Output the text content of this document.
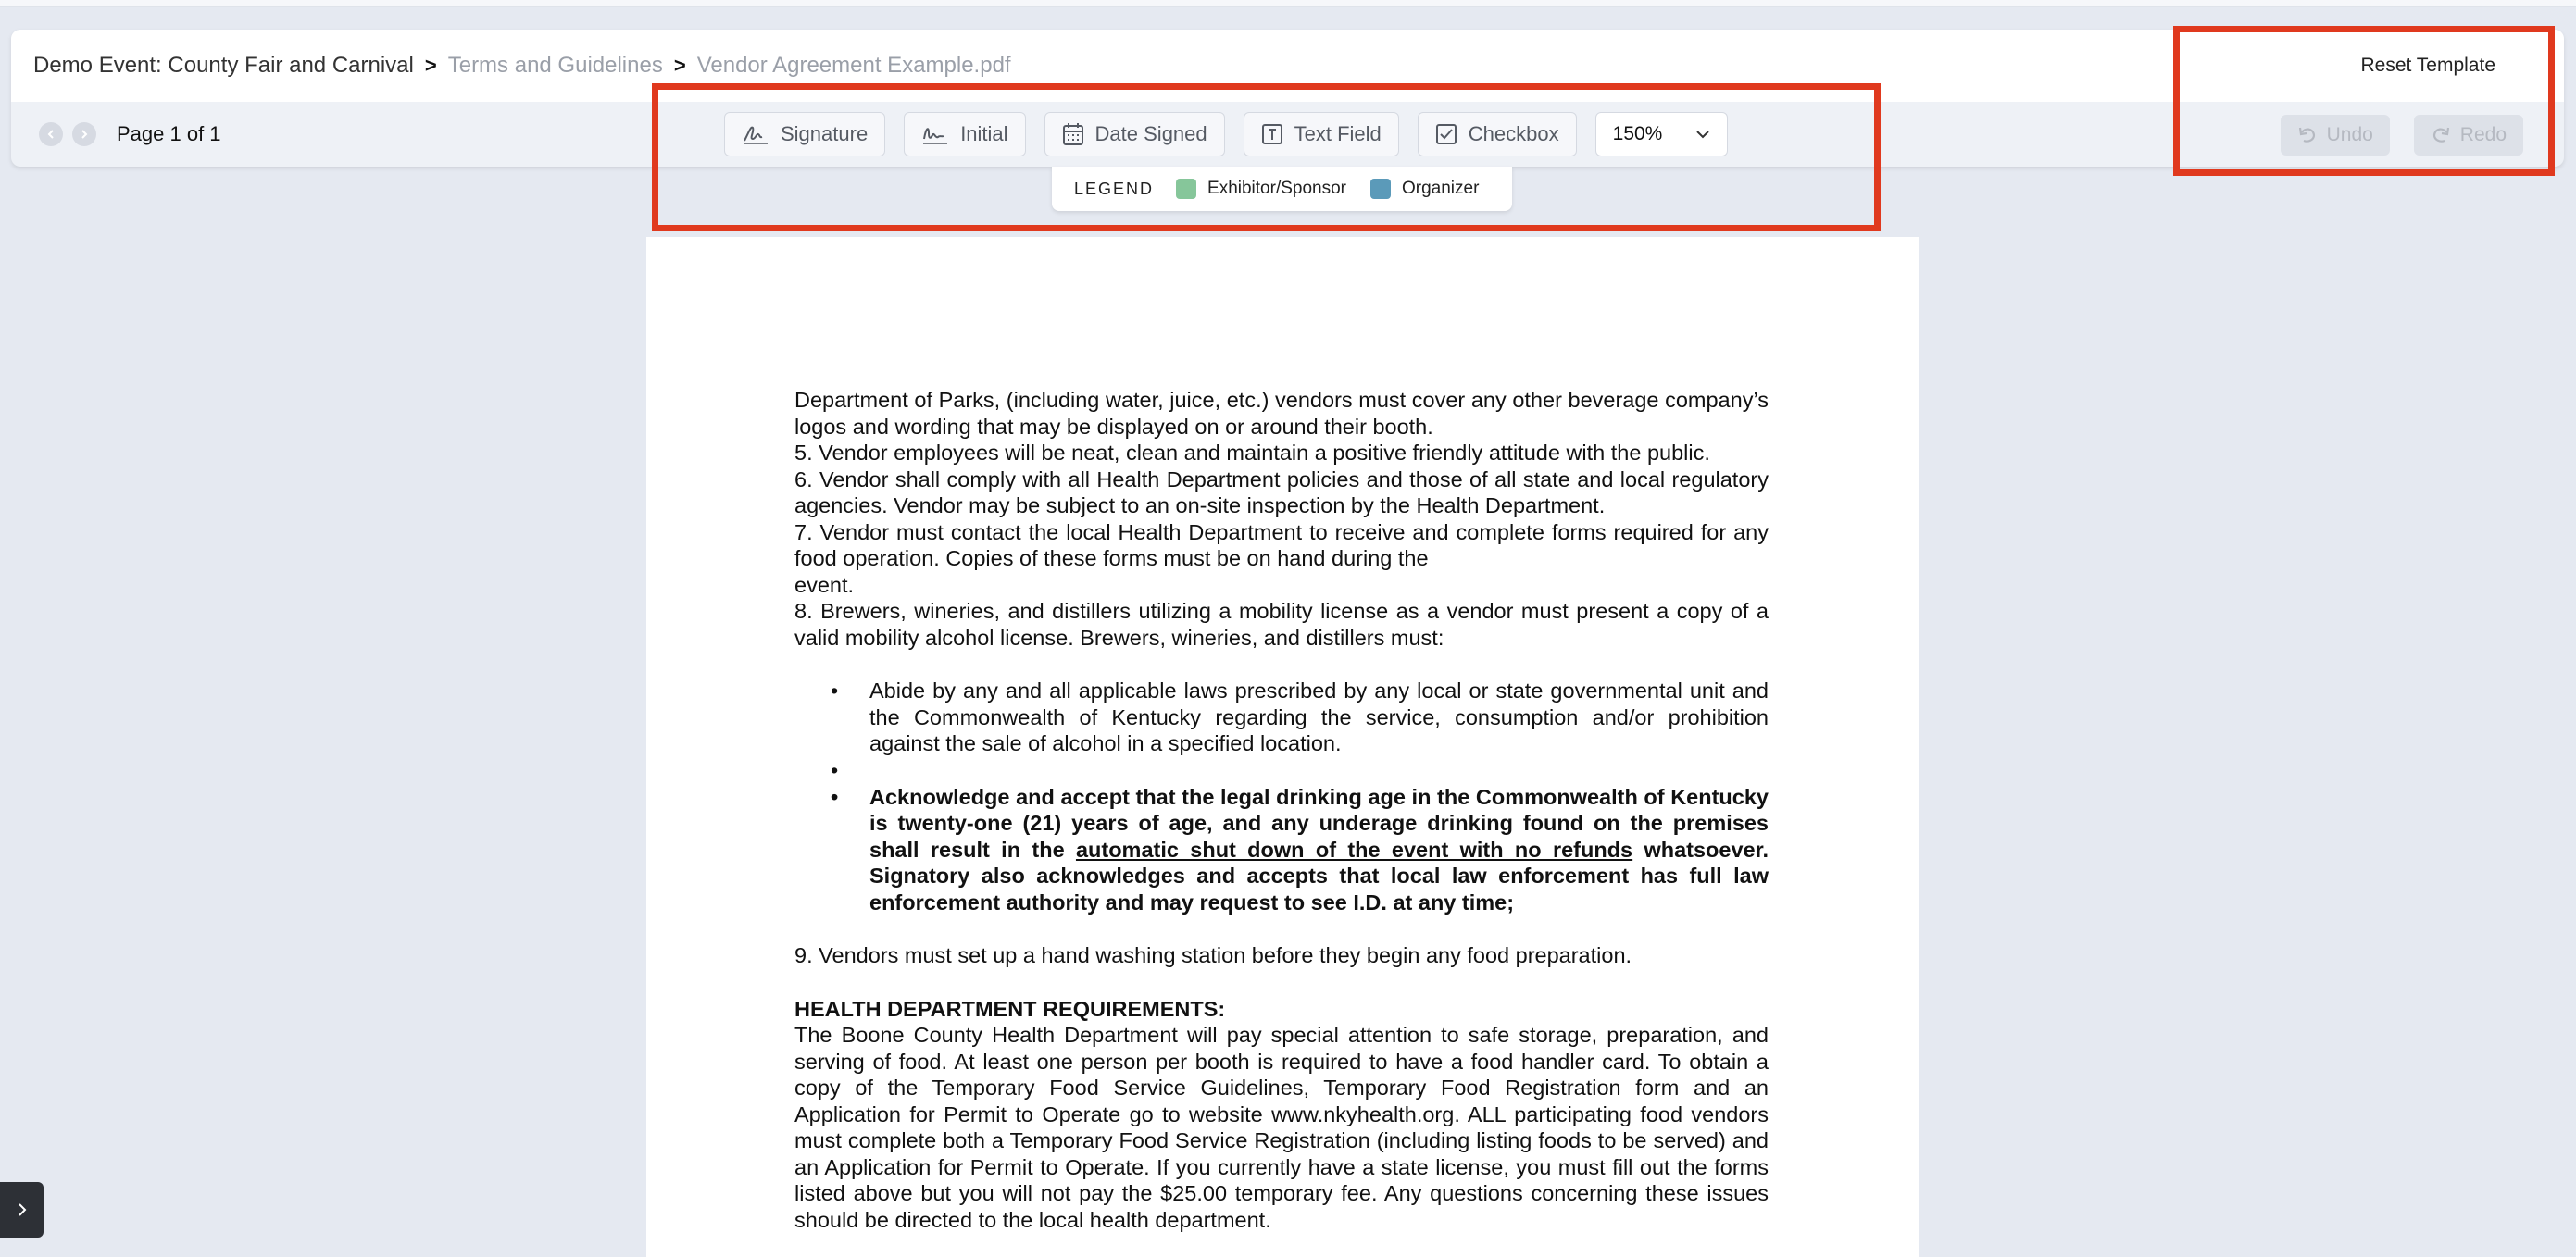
Demo Event: County Fair and Carnival > Terms and Guidelines > Vendor Agreement Example.pdf	Reset Template
Page 1 of 1	Signature	Initial	Date Signed	Text Field	Checkbox	150%	Undo	Redo
LEGEND	Exhibitor/Sponsor	Organizer

Department of Parks, (including water, juice, etc.) vendors must cover any other beverage company’s logos and wording that may be displayed on or around their booth.

5. Vendor employees will be neat, clean and maintain a positive friendly attitude with the public.

6. Vendor shall comply with all Health Department policies and those of all state and local regulatory agencies. Vendor may be subject to an on-site inspection by the Health Department.

7. Vendor must contact the local Health Department to receive and complete forms required for any food operation. Copies of these forms must be on hand during the

event.

8. Brewers, wineries, and distillers utilizing a mobility license as a vendor must present a copy of a valid mobility alcohol license. Brewers, wineries, and distillers must:

• Abide by any and all applicable laws prescribed by any local or state governmental unit and the Commonwealth of Kentucky regarding the service, consumption and/or prohibition against the sale of alcohol in a specified location.
•
• Acknowledge and accept that the legal drinking age in the Commonwealth of Kentucky is twenty-one (21) years of age, and any underage drinking found on the premises shall result in the automatic shut down of the event with no refunds whatsoever. Signatory also acknowledges and accepts that local law enforcement has full law enforcement authority and may request to see I.D. at any time;

9. Vendors must set up a hand washing station before they begin any food preparation.

HEALTH DEPARTMENT REQUIREMENTS:

The Boone County Health Department will pay special attention to safe storage, preparation, and serving of food. At least one person per booth is required to have a food handler card. To obtain a copy of the Temporary Food Service Guidelines, Temporary Food Registration form and an Application for Permit to Operate go to website www.nkyhealth.org. ALL participating food vendors must complete both a Temporary Food Service Registration (including listing foods to be served) and an Application for Permit to Operate. If you currently have a state license, you must fill out the forms listed above but you will not pay the $25.00 temporary fee. Any questions concerning these issues should be directed to the local health department.
